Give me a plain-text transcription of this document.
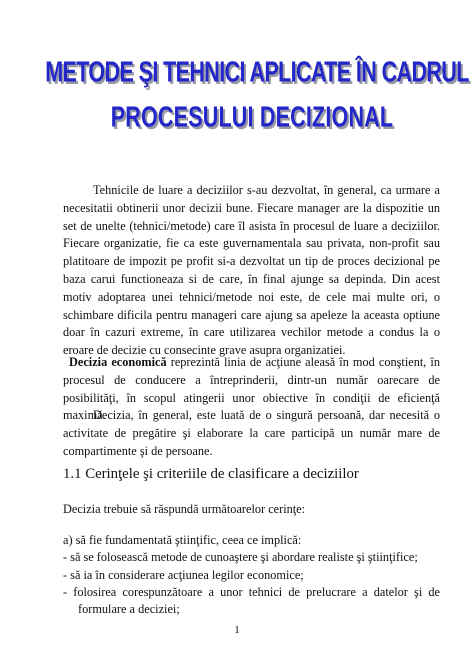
METODE ŞI TEHNICI APLICATE ÎN CADRUL
PROCESULUI DECIZIONAL

Tehnicile de luare a deciziilor s-au dezvoltat, în general, ca urmare a necesitatii obtinerii unor decizii bune. Fiecare manager are la dispozitie un set de unelte (tehnici/metode) care îl asista în procesul de luare a deciziilor. Fiecare organizatie, fie ca este guvernamentala sau privata, non-profit sau platitoare de impozit pe profit si-a dezvoltat un tip de proces decizional pe baza carui functioneaza si de care, în final ajunge sa depinda. Din acest motiv adoptarea unei tehnici/metode noi este, de cele mai multe ori, o schimbare dificila pentru manageri care ajung sa apeleze la aceasta optiune doar în cazuri extreme, în care utilizarea vechilor metode a condus la o eroare de decizie cu consecinte grave asupra organizatiei.

Decizia economică reprezintă linia de acţiune aleasă în mod conştient, în procesul de conducere a întreprinderii, dintr-un număr oarecare de posibilităţi, în scopul atingerii unor obiective în condiţii de eficienţă maximă.

Decizia, în general, este luată de o singură persoană, dar necesită o activitate de pregătire şi elaborare la care participă un număr mare de compartimente şi de persoane.

1.1 Cerinţele şi criteriile de clasificare a deciziilor

Decizia trebuie să răspundă următoarelor cerinţe:

a) să fie fundamentată ştiinţific, ceea ce implică:
- să se folosească metode de cunoaştere şi abordare realiste şi ştiinţifice;
- să ia în considerare acţiunea legilor economice;
- folosirea corespunzătoare a unor tehnici de prelucrare a datelor şi de formulare a deciziei;
1
